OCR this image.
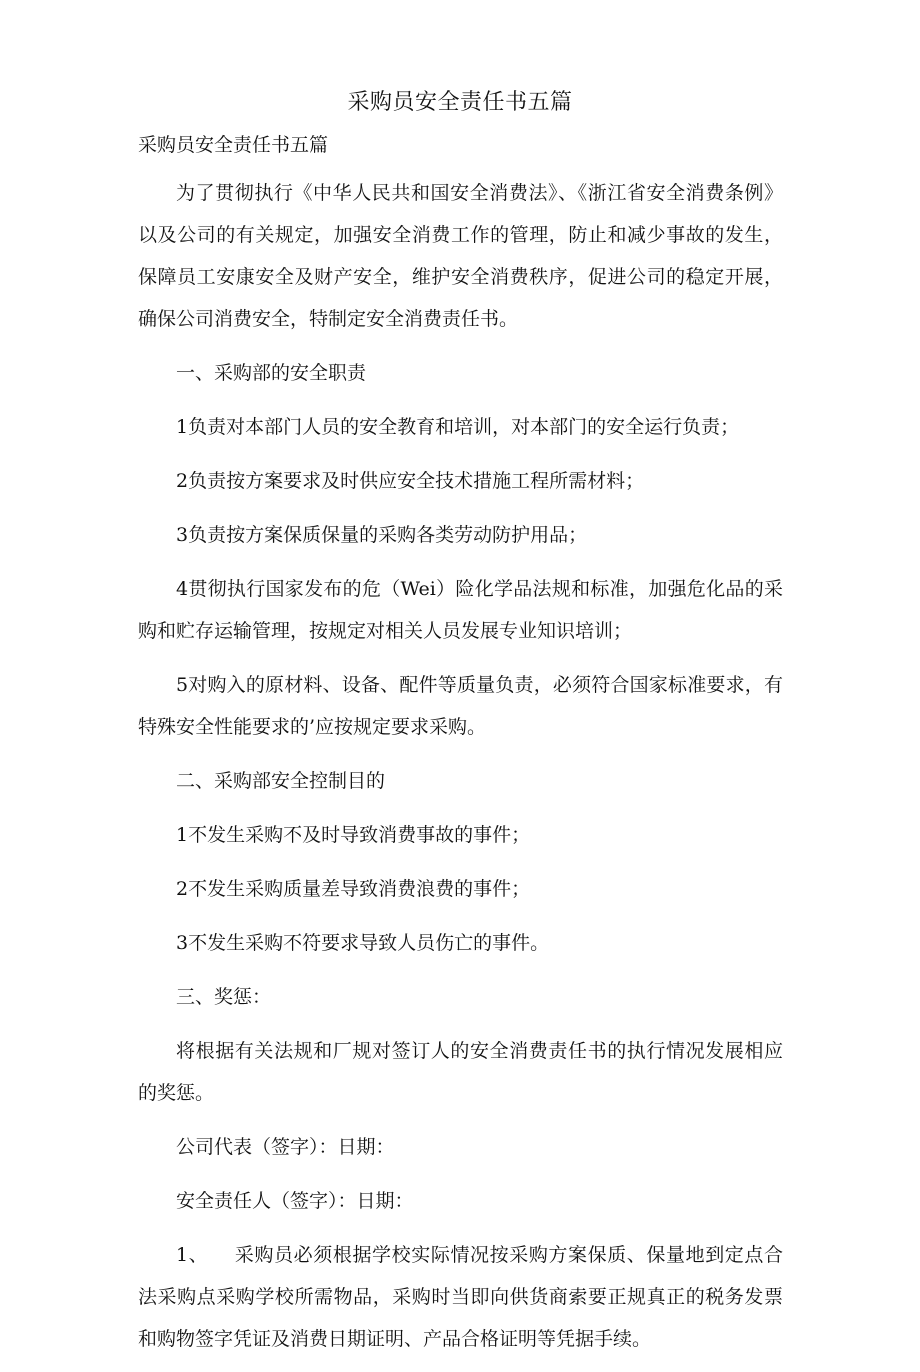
采购员安全责任书五篇
采购员安全责任书五篇

为了贯彻执行《中华人民共和国安全消费法》、《浙江省安全消费条例》以及公司的有关规定，加强安全消费工作的管理，防止和减少事故的发生，保障员工安康安全及财产安全，维护安全消费秩序，促进公司的稳定开展，确保公司消费安全，特制定安全消费责任书。

一、采购部的安全职责

1负责对本部门人员的安全教育和培训，对本部门的安全运行负责；

2负责按方案要求及时供应安全技术措施工程所需材料；

3负责按方案保质保量的采购各类劳动防护用品；

4贯彻执行国家发布的危（Wei）险化学品法规和标准，加强危化品的采购和贮存运输管理，按规定对相关人员发展专业知识培训；

5对购入的原材料、设备、配件等质量负责，必须符合国家标准要求，有特殊安全性能要求的’应按规定要求采购。

二、采购部安全控制目的

1不发生采购不及时导致消费事故的事件；

2不发生采购质量差导致消费浪费的事件；

3不发生采购不符要求导致人员伤亡的事件。

三、奖惩：

将根据有关法规和厂规对签订人的安全消费责任书的执行情况发展相应的奖惩。

公司代表（签字）：日期：

安全责任人（签字）：日期：

1、 采购员必须根据学校实际情况按采购方案保质、保量地到定点合法采购点采购学校所需物品，采购时当即向供货商索要正规真正的税务发票和购物签字凭证及消费日期证明、产品合格证明等凭据手续。
